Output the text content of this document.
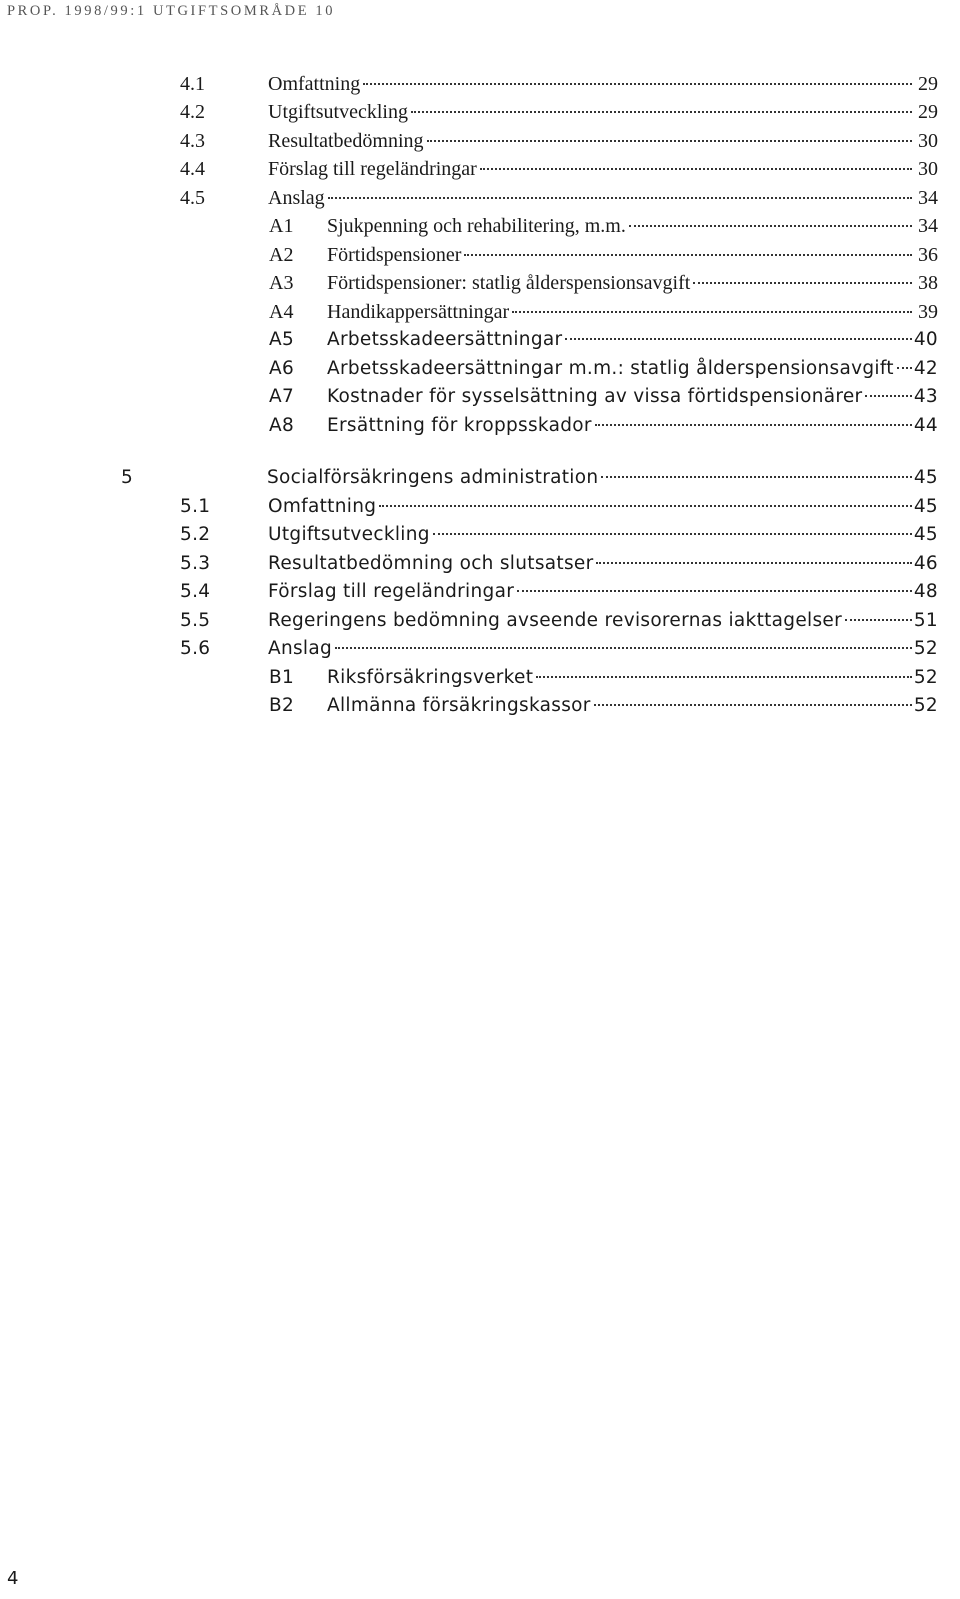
PROP. 1998/99:1 UTGIFTSOMRÅDE 10
4.1	Omfattning	29
4.2	Utgiftsutveckling	29
4.3	Resultatbedömning	30
4.4	Förslag till regeländringar	30
4.5	Anslag	34
A1	Sjukpenning och rehabilitering, m.m.	34
A2	Förtidspensioner	36
A3	Förtidspensioner: statlig ålderspensionsavgift	38
A4	Handikappersättningar	39
A5	Arbetsskadeersättningar	40
A6	Arbetsskadeersättningar m.m.: statlig ålderspensionsavgift 42
A7	Kostnader för sysselsättning av vissa förtidspensionärer	43
A8	Ersättning för kroppsskador	44
5	Socialförsäkringens administration	45
5.1	Omfattning	45
5.2	Utgiftsutveckling	45
5.3	Resultatbedömning och slutsatser	46
5.4	Förslag till regeländringar	48
5.5	Regeringens bedömning avseende revisorernas iakttagelser	51
5.6	Anslag	52
B1	Riksförsäkringsverket	52
B2	Allmänna försäkringskassor	52
4
